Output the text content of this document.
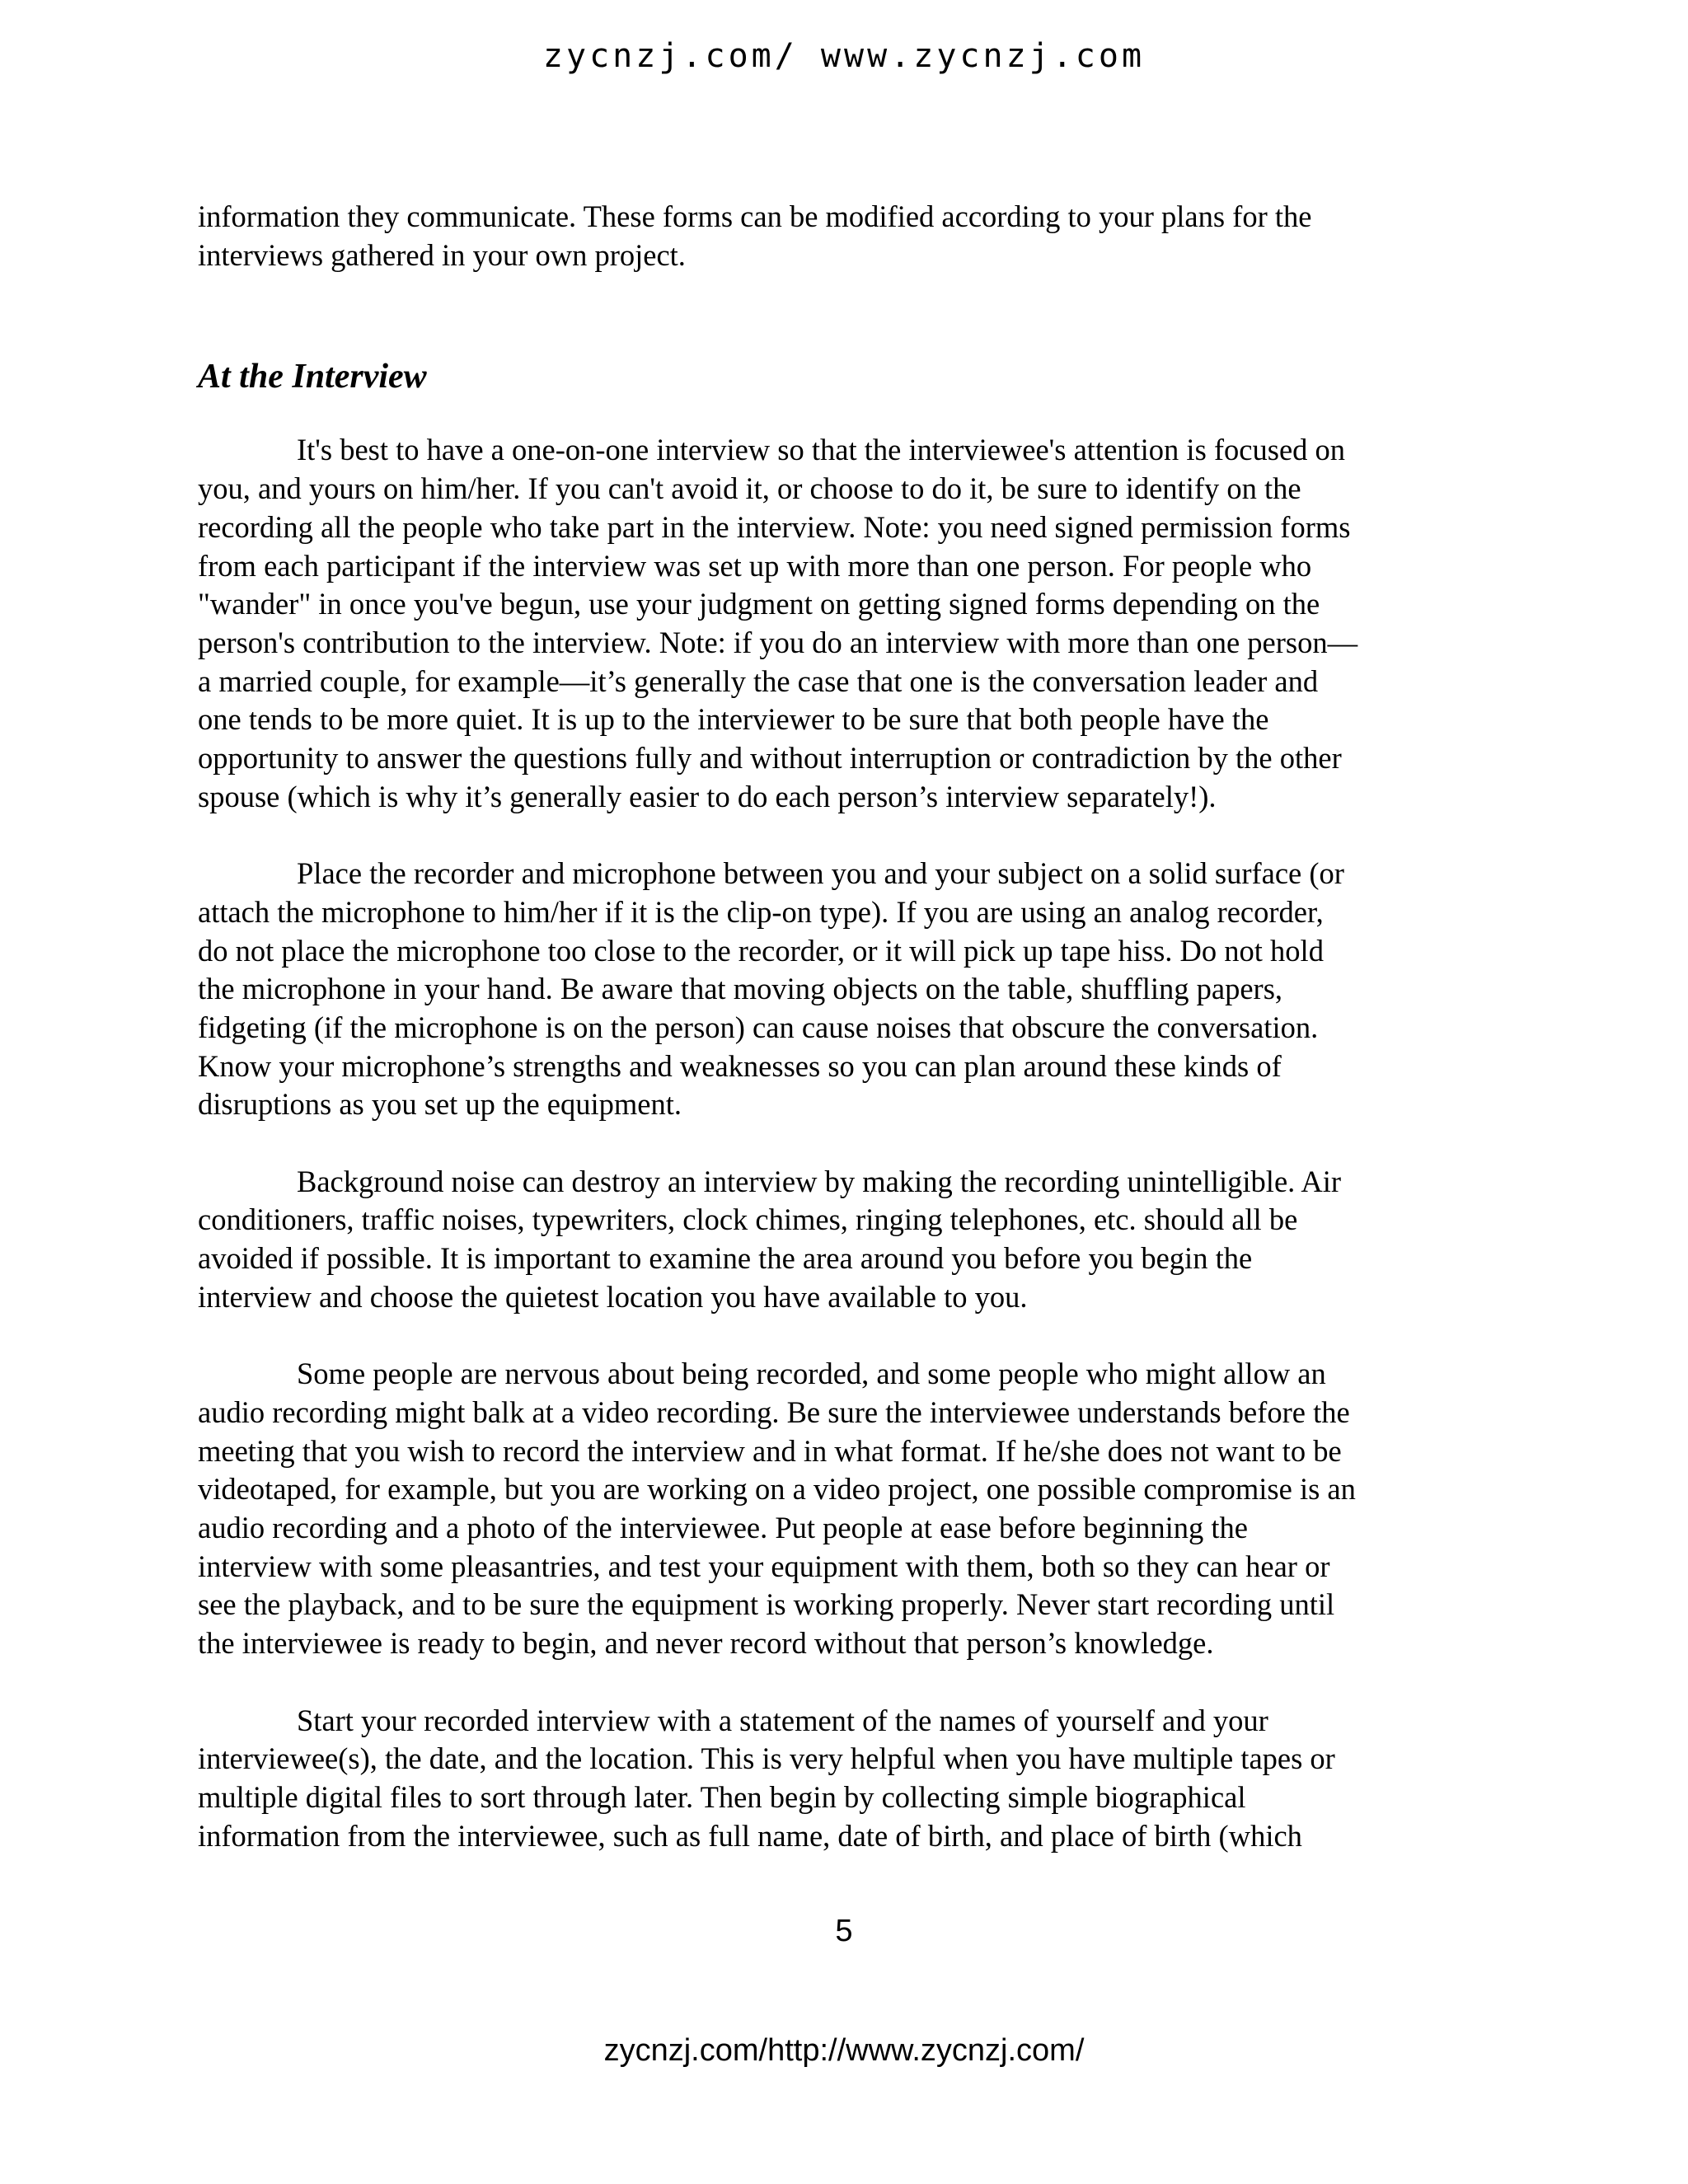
zycnzj.com/ www.zycnzj.com

information they communicate. These forms can be modified according to your plans for the
interviews gathered in your own project.

At the Interview

It's best to have a one-on-one interview so that the interviewee's attention is focused on
you, and yours on him/her. If you can't avoid it, or choose to do it, be sure to identify on the
recording all the people who take part in the interview. Note: you need signed permission forms
from each participant if the interview was set up with more than one person. For people who
"wander" in once you've begun, use your judgment on getting signed forms depending on the
person's contribution to the interview. Note: if you do an interview with more than one person—
a married couple, for example—it’s generally the case that one is the conversation leader and
one tends to be more quiet. It is up to the interviewer to be sure that both people have the
opportunity to answer the questions fully and without interruption or contradiction by the other
spouse (which is why it’s generally easier to do each person’s interview separately!).

Place the recorder and microphone between you and your subject on a solid surface (or
attach the microphone to him/her if it is the clip-on type). If you are using an analog recorder,
do not place the microphone too close to the recorder, or it will pick up tape hiss. Do not hold
the microphone in your hand. Be aware that moving objects on the table, shuffling papers,
fidgeting (if the microphone is on the person) can cause noises that obscure the conversation.
Know your microphone’s strengths and weaknesses so you can plan around these kinds of
disruptions as you set up the equipment.

Background noise can destroy an interview by making the recording unintelligible. Air
conditioners, traffic noises, typewriters, clock chimes, ringing telephones, etc. should all be
avoided if possible. It is important to examine the area around you before you begin the
interview and choose the quietest location you have available to you.

Some people are nervous about being recorded, and some people who might allow an
audio recording might balk at a video recording. Be sure the interviewee understands before the
meeting that you wish to record the interview and in what format. If he/she does not want to be
videotaped, for example, but you are working on a video project, one possible compromise is an
audio recording and a photo of the interviewee. Put people at ease before beginning the
interview with some pleasantries, and test your equipment with them, both so they can hear or
see the playback, and to be sure the equipment is working properly. Never start recording until
the interviewee is ready to begin, and never record without that person’s knowledge.

Start your recorded interview with a statement of the names of yourself and your
interviewee(s), the date, and the location. This is very helpful when you have multiple tapes or
multiple digital files to sort through later. Then begin by collecting simple biographical
information from the interviewee, such as full name, date of birth, and place of birth (which

5
zycnzj.com/http://www.zycnzj.com/
